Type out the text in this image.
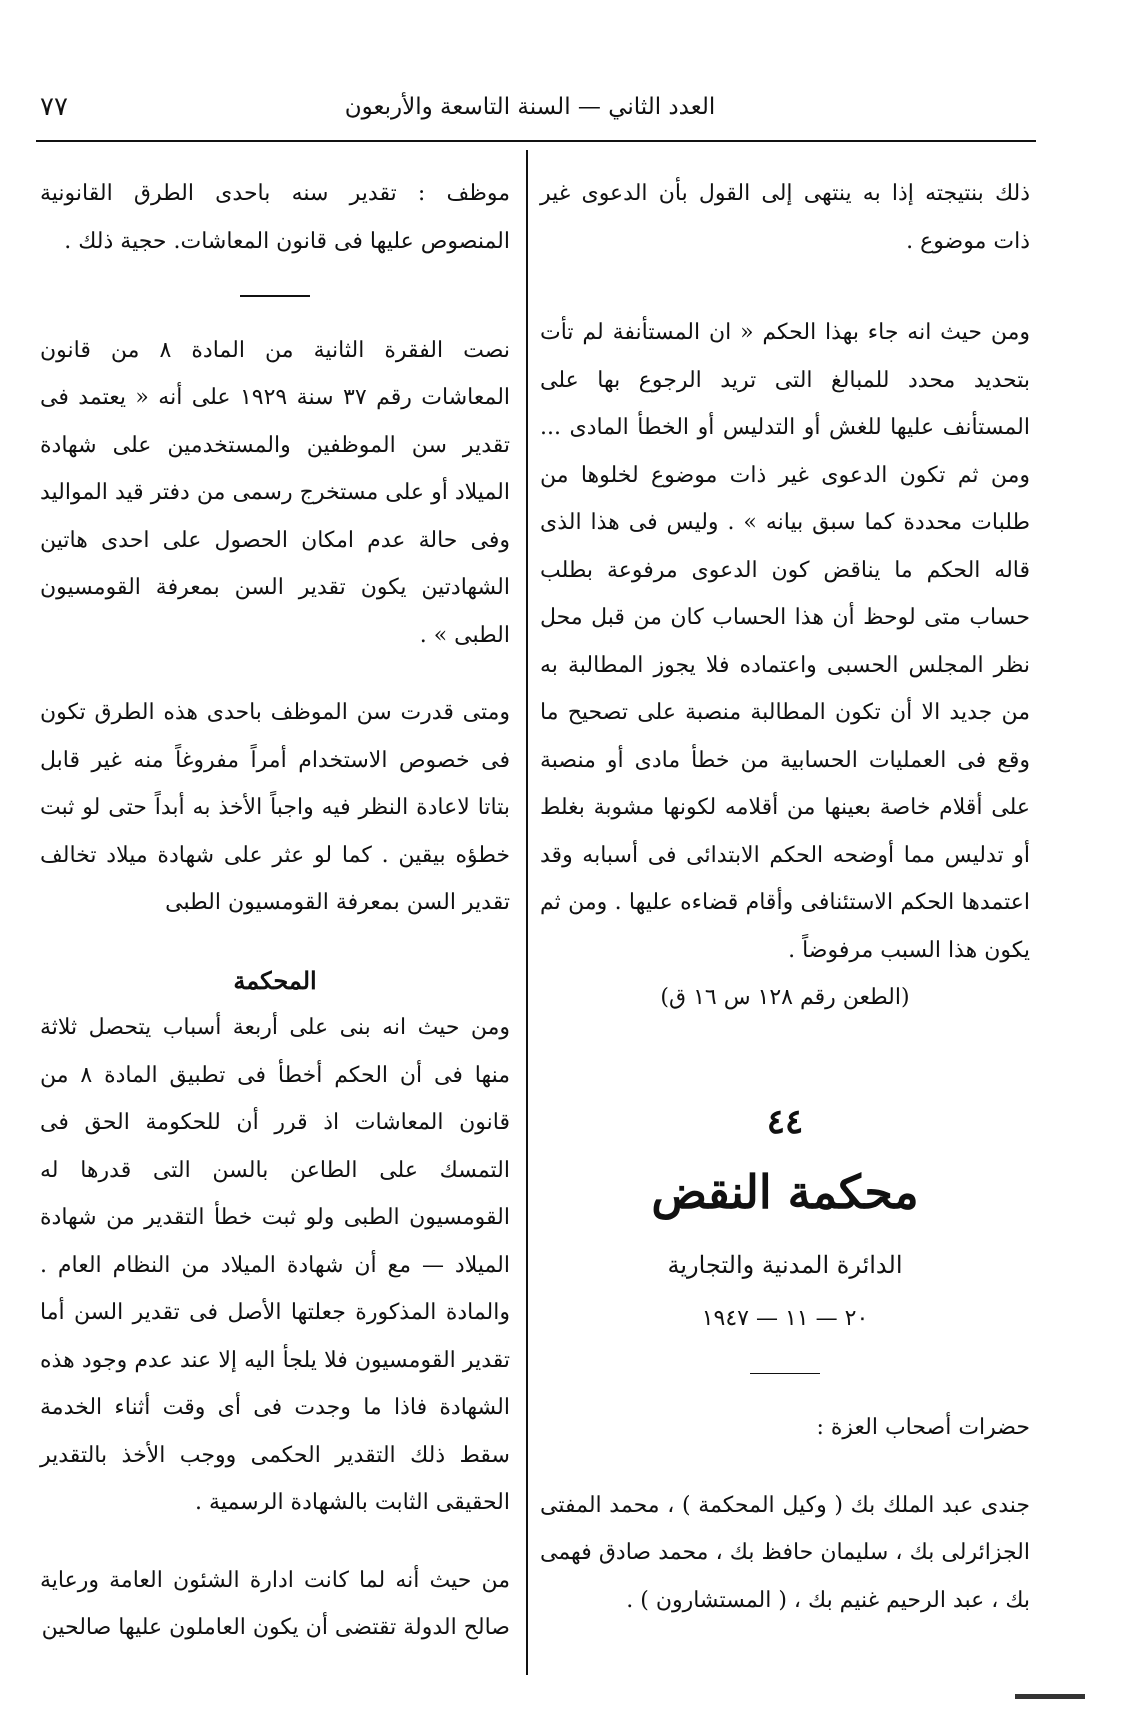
العدد الثاني — السنة التاسعة والأربعون
٧٧

ذلك بنتيجته إذا به ينتهى إلى القول بأن الدعوى غير ذات موضوع .

ومن حيث انه جاء بهذا الحكم « ان المستأنفة لم تأت بتحديد محدد للمبالغ التى تريد الرجوع بها على المستأنف عليها للغش أو التدليس أو الخطأ المادى ... ومن ثم تكون الدعوى غير ذات موضوع لخلوها من طلبات محددة كما سبق بيانه » . وليس فى هذا الذى قاله الحكم ما يناقض كون الدعوى مرفوعة بطلب حساب متى لوحظ أن هذا الحساب كان من قبل محل نظر المجلس الحسبى واعتماده فلا يجوز المطالبة به من جديد الا أن تكون المطالبة منصبة على تصحيح ما وقع فى العمليات الحسابية من خطأ مادى أو منصبة على أقلام خاصة بعينها من أقلامه لكونها مشوبة بغلط أو تدليس مما أوضحه الحكم الابتدائى فى أسبابه وقد اعتمدها الحكم الاستئنافى وأقام قضاءه عليها . ومن ثم يكون هذا السبب مرفوضاً .

(الطعن رقم ١٢٨ س ١٦ ق)

٤٤
محكمة النقض
الدائرة المدنية والتجارية
٢٠ — ١١ — ١٩٤٧

حضرات أصحاب العزة :

جندى عبد الملك بك ( وكيل المحكمة ) ، محمد المفتى الجزائرلى بك ، سليمان حافظ بك ، محمد صادق فهمى بك ، عبد الرحيم غنيم بك ، ( المستشارون ) .

موظف : تقدير سنه باحدى الطرق القانونية المنصوص عليها فى قانون المعاشات. حجية ذلك .

نصت الفقرة الثانية من المادة ٨ من قانون المعاشات رقم ٣٧ سنة ١٩٢٩ على أنه « يعتمد فى تقدير سن الموظفين والمستخدمين على شهادة الميلاد أو على مستخرج رسمى من دفتر قيد المواليد وفى حالة عدم امكان الحصول على احدى هاتين الشهادتين يكون تقدير السن بمعرفة القومسيون الطبى » .

ومتى قدرت سن الموظف باحدى هذه الطرق تكون فى خصوص الاستخدام أمراً مفروغاً منه غير قابل بتاتا لاعادة النظر فيه واجباً الأخذ به أبداً حتى لو ثبت خطؤه بيقين . كما لو عثر على شهادة ميلاد تخالف تقدير السن بمعرفة القومسيون الطبى

المحكمة

ومن حيث انه بنى على أربعة أسباب يتحصل ثلاثة منها فى أن الحكم أخطأ فى تطبيق المادة ٨ من قانون المعاشات اذ قرر أن للحكومة الحق فى التمسك على الطاعن بالسن التى قدرها له القومسيون الطبى ولو ثبت خطأ التقدير من شهادة الميلاد — مع أن شهادة الميلاد من النظام العام . والمادة المذكورة جعلتها الأصل فى تقدير السن أما تقدير القومسيون فلا يلجأ اليه إلا عند عدم وجود هذه الشهادة فاذا ما وجدت فى أى وقت أثناء الخدمة سقط ذلك التقدير الحكمى ووجب الأخذ بالتقدير الحقيقى الثابت بالشهادة الرسمية .

من حيث أنه لما كانت ادارة الشئون العامة ورعاية صالح الدولة تقتضى أن يكون العاملون عليها صالحين
